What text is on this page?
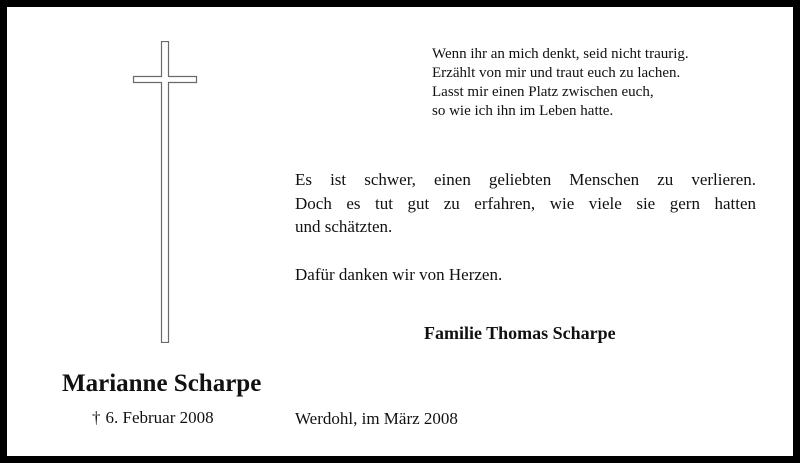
Wenn ihr an mich denkt, seid nicht traurig.
Erzählt von mir und traut euch zu lachen.
Lasst mir einen Platz zwischen euch,
so wie ich ihn im Leben hatte.
Es ist schwer, einen geliebten Menschen zu verlieren.
Doch es tut gut zu erfahren, wie viele sie gern hatten
und schätzten.
Dafür danken wir von Herzen.
Familie Thomas Scharpe
Marianne Scharpe
† 6. Februar 2008	Werdohl, im März 2008
